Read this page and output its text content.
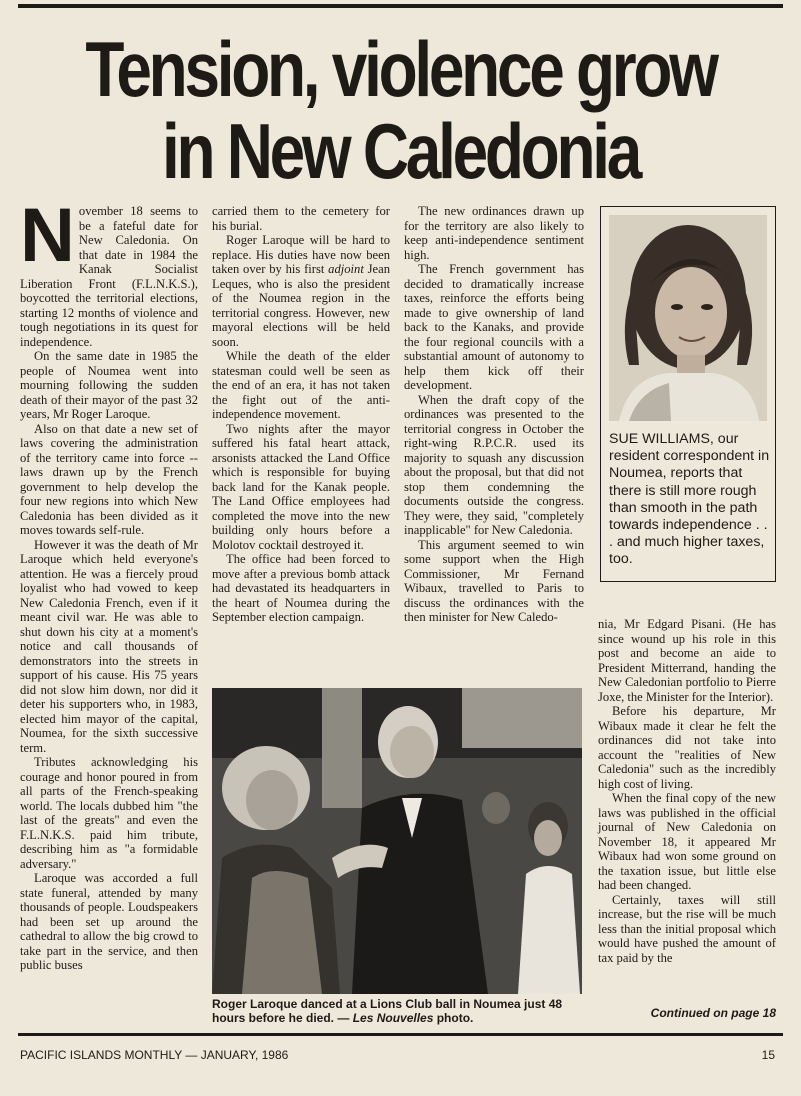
Tension, violence grow
in New Caledonia

November 18 seems to be a fateful date for New Caledonia. On that date in 1984 the Kanak Socialist Liberation Front (F.L.N.K.S.), boycotted the territorial elections, starting 12 months of violence and tough negotiations in its quest for independence.

On the same date in 1985 the people of Noumea went into mourning following the sudden death of their mayor of the past 32 years, Mr Roger Laroque.

Also on that date a new set of laws covering the administration of the territory came into force -- laws drawn up by the French government to help develop the four new regions into which New Caledonia has been divided as it moves towards self-rule.

However it was the death of Mr Laroque which held everyone's attention. He was a fiercely proud loyalist who had vowed to keep New Caledonia French, even if it meant civil war. He was able to shut down his city at a moment's notice and call thousands of demonstrators into the streets in support of his cause. His 75 years did not slow him down, nor did it deter his supporters who, in 1983, elected him mayor of the capital, Noumea, for the sixth successive term.

Tributes acknowledging his courage and honor poured in from all parts of the French-speaking world. The locals dubbed him "the last of the greats" and even the F.L.N.K.S. paid him tribute, describing him as "a formidable adversary."

Laroque was accorded a full state funeral, attended by many thousands of people. Loudspeakers had been set up around the cathedral to allow the big crowd to take part in the service, and then public buses

carried them to the cemetery for his burial.

Roger Laroque will be hard to replace. His duties have now been taken over by his first adjoint Jean Leques, who is also the president of the Noumea region in the territorial congress. However, new mayoral elections will be held soon.

While the death of the elder statesman could well be seen as the end of an era, it has not taken the fight out of the anti-independence movement.

Two nights after the mayor suffered his fatal heart attack, arsonists attacked the Land Office which is responsible for buying back land for the Kanak people. The Land Office employees had completed the move into the new building only hours before a Molotov cocktail destroyed it.

The office had been forced to move after a previous bomb attack had devastated its headquarters in the heart of Noumea during the September election campaign.

The new ordinances drawn up for the territory are also likely to keep anti-independence sentiment high.

The French government has decided to dramatically increase taxes, reinforce the efforts being made to give ownership of land back to the Kanaks, and provide the four regional councils with a substantial amount of autonomy to help them kick off their development.

When the draft copy of the ordinances was presented to the territorial congress in October the right-wing R.P.C.R. used its majority to squash any discussion about the proposal, but that did not stop them condemning the documents outside the congress. They were, they said, "completely inapplicable" for New Caledonia.

This argument seemed to win some support when the High Commissioner, Mr Fernand Wibaux, travelled to Paris to discuss the ordinances with the then minister for New Caledo-

SUE WILLIAMS, our resident correspondent in Noumea, reports that there is still more rough than smooth in the path towards independence . . . and much higher taxes, too.

nia, Mr Edgard Pisani. (He has since wound up his role in this post and become an aide to President Mitterrand, handing the New Caledonian portfolio to Pierre Joxe, the Minister for the Interior).

Before his departure, Mr Wibaux made it clear he felt the ordinances did not take into account the "realities of New Caledonia" such as the incredibly high cost of living.

When the final copy of the new laws was published in the official journal of New Caledonia on November 18, it appeared Mr Wibaux had won some ground on the taxation issue, but little else had been changed.

Certainly, taxes will still increase, but the rise will be much less than the initial proposal which would have pushed the amount of tax paid by the

Roger Laroque danced at a Lions Club ball in Noumea just 48 hours before he died. — Les Nouvelles photo.	Continued on page 18

PACIFIC ISLANDS MONTHLY — JANUARY, 1986	15
